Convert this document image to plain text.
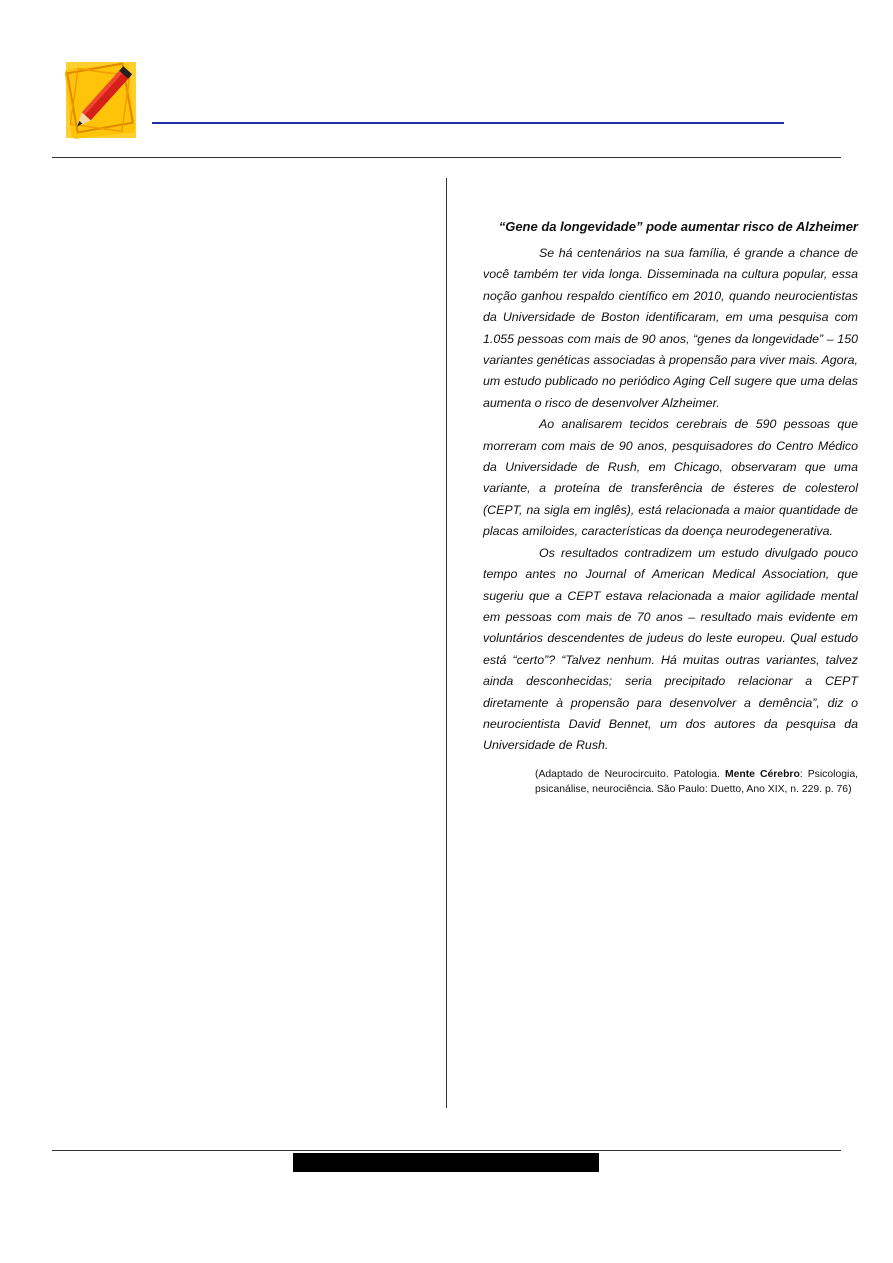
“Gene da longevidade” pode aumentar risco de Alzheimer

Se há centenários na sua família, é grande a chance de você também ter vida longa. Disseminada na cultura popular, essa noção ganhou respaldo científico em 2010, quando neurocientistas da Universidade de Boston identificaram, em uma pesquisa com 1.055 pessoas com mais de 90 anos, “genes da longevidade” – 150 variantes genéticas associadas à propensão para viver mais. Agora, um estudo publicado no periódico Aging Cell sugere que uma delas aumenta o risco de desenvolver Alzheimer.

Ao analisarem tecidos cerebrais de 590 pessoas que morreram com mais de 90 anos, pesquisadores do Centro Médico da Universidade de Rush, em Chicago, observaram que uma variante, a proteína de transferência de ésteres de colesterol (CEPT, na sigla em inglês), está relacionada a maior quantidade de placas amiloides, características da doença neurodegenerativa.

Os resultados contradizem um estudo divulgado pouco tempo antes no Journal of American Medical Association, que sugeriu que a CEPT estava relacionada a maior agilidade mental em pessoas com mais de 70 anos – resultado mais evidente em voluntários descendentes de judeus do leste europeu. Qual estudo está “certo”? “Talvez nenhum. Há muitas outras variantes, talvez ainda desconhecidas; seria precipitado relacionar a CEPT diretamente à propensão para desenvolver a demência”, diz o neurocientista David Bennet, um dos autores da pesquisa da Universidade de Rush.

(Adaptado de Neurocircuito. Patologia. Mente Cérebro: Psicologia, psicanálise, neurociência. São Paulo: Duetto, Ano XIX, n. 229. p. 76)
